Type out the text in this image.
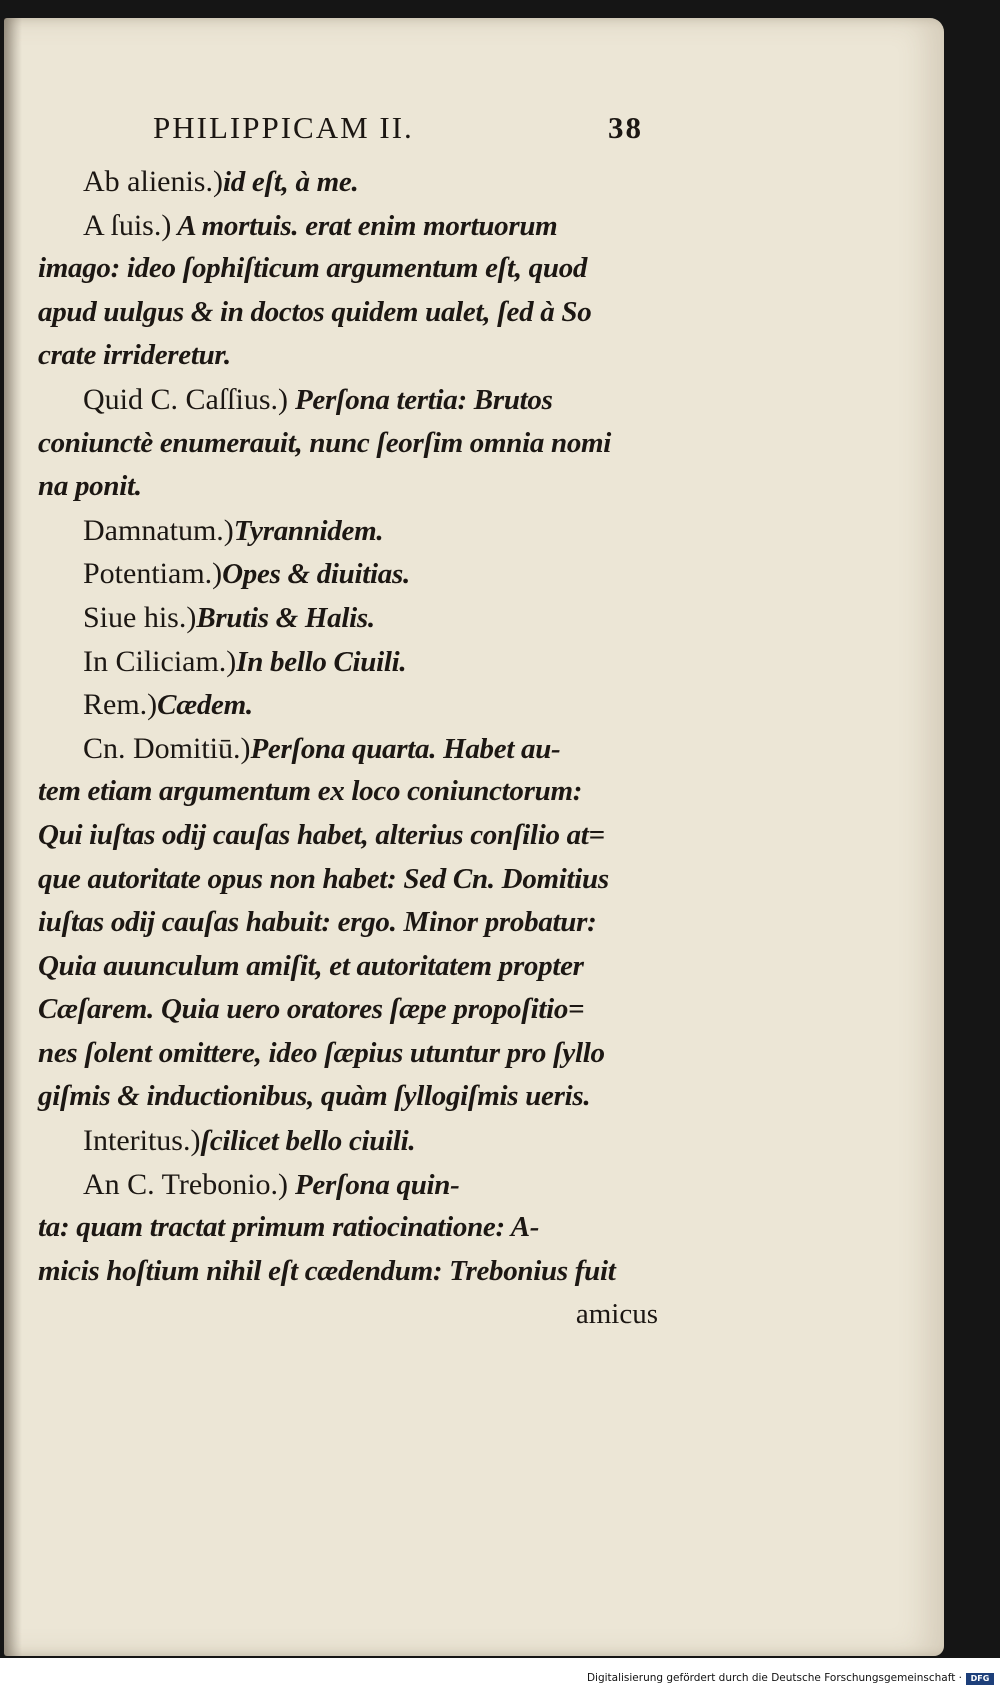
PHILIPPICAM II.	38
Ab alienis.)id eſt, à me.
A ſuis.) A mortuis. erat enim mortuorum
imago: ideo ſophiſticum argumentum eſt, quod
apud uulgus & in doctos quidem ualet, ſed à So
crate irrideretur.
Quid C. Caſſius.) Perſona tertia: Brutos
coniunctè enumerauit, nunc ſeorſim omnia nomi
na ponit.
Damnatum.)Tyrannidem.
Potentiam.)Opes & diuitias.
Siue his.)Brutis & Halis.
In Ciliciam.)In bello Ciuili.
Rem.)Cædem.
Cn. Domitiū.)Perſona quarta. Habet au-
tem etiam argumentum ex loco coniunctorum:
Qui iuſtas odij cauſas habet, alterius conſilio at=
que autoritate opus non habet: Sed Cn. Domitius
iuſtas odij cauſas habuit: ergo. Minor probatur:
Quia auunculum amiſit, et autoritatem propter
Cæſarem. Quia uero oratores ſæpe propoſitio=
nes ſolent omittere, ideo ſæpius utuntur pro ſyllo
giſmis & inductionibus, quàm ſyllogiſmis ueris.
Interitus.)ſcilicet bello ciuili.
An C. Trebonio.) Perſona quin-
ta: quam tractat primum ratiocinatione: A-
micis hoſtium nihil eſt cædendum: Trebonius fuit
amicus
Digitalisierung gefördert durch die Deutsche Forschungsgemeinschaft ·	DFG
